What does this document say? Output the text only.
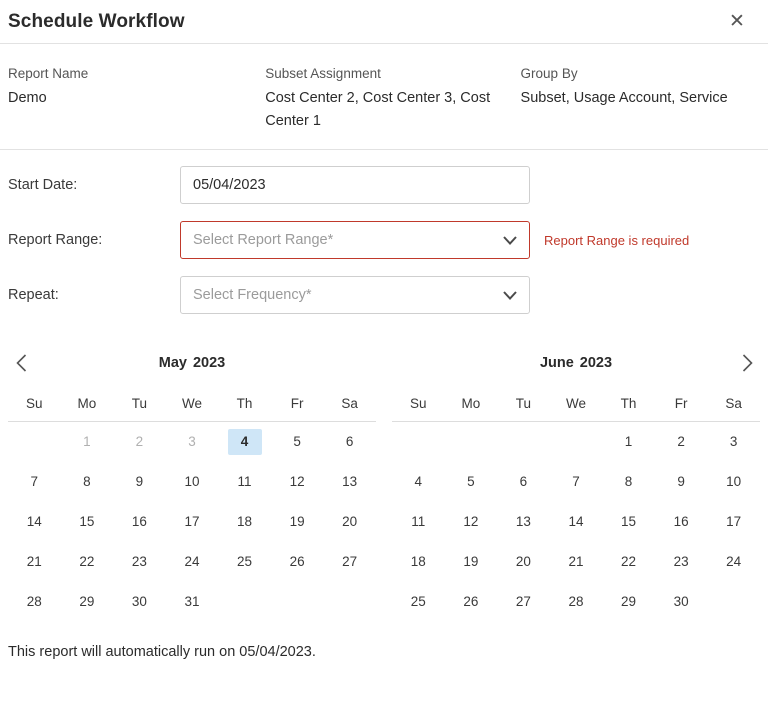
Schedule Workflow	✕
Report Name
Demo
Subset Assignment
Cost Center 2, Cost Center 3, Cost Center 1
Group By
Subset, Usage Account, Service
Start Date:
05/04/2023
Report Range:	Select Report Range*	Report Range is required
Repeat:	Select Frequency*
May 2023
Su	Mo	Tu	We	Th	Fr	Sa
	1	2	3	4	5	6
7	8	9	10	11	12	13
14	15	16	17	18	19	20
21	22	23	24	25	26	27
28	29	30	31			
June 2023
Su	Mo	Tu	We	Th	Fr	Sa
				1	2	3
4	5	6	7	8	9	10
11	12	13	14	15	16	17
18	19	20	21	22	23	24
25	26	27	28	29	30	
This report will automatically run on 05/04/2023.
